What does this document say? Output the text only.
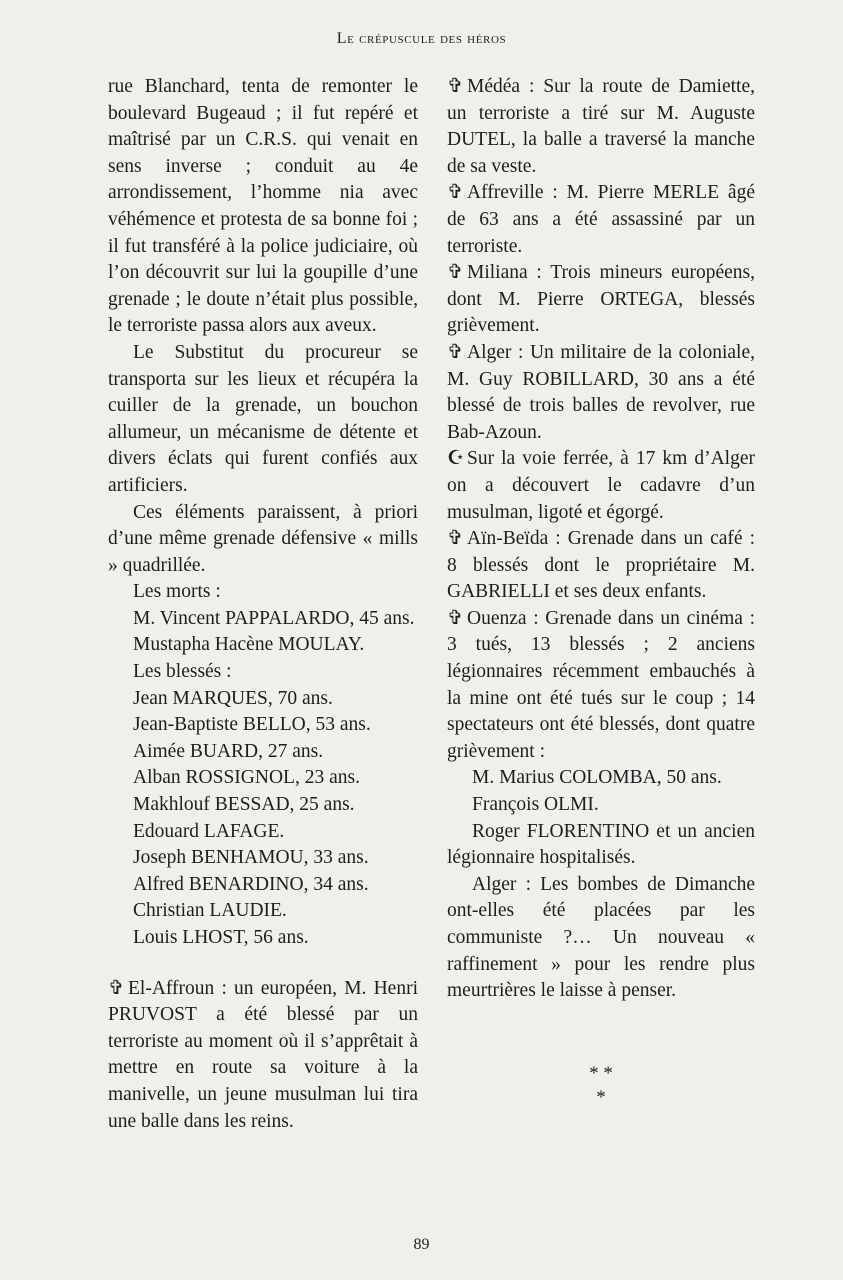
Le crépuscule des héros

rue Blanchard, tenta de remonter le boulevard Bugeaud ; il fut repéré et maîtrisé par un C.R.S. qui venait en sens inverse ; conduit au 4e arrondissement, l’homme nia avec véhémence et protesta de sa bonne foi ; il fut transféré à la police judiciaire, où l’on découvrit sur lui la goupille d’une grenade ; le doute n’était plus possible, le terroriste passa alors aux aveux.

Le Substitut du procureur se transporta sur les lieux et récupéra la cuiller de la grenade, un bouchon allumeur, un mécanisme de détente et divers éclats qui furent confiés aux artificiers.

Ces éléments paraissent, à priori d’une même grenade défensive « mills » quadrillée.

Les morts :

M. Vincent PAPPALARDO, 45 ans.

Mustapha Hacène MOULAY.

Les blessés :

Jean MARQUES, 70 ans.

Jean-Baptiste BELLO, 53 ans.

Aimée BUARD, 27 ans.

Alban ROSSIGNOL, 23 ans.

Makhlouf BESSAD, 25 ans.

Edouard LAFAGE.

Joseph BENHAMOU, 33 ans.

Alfred BENARDINO, 34 ans.

Christian LAUDIE.

Louis LHOST, 56 ans.

✞ El-Affroun : un européen, M. Henri PRUVOST a été blessé par un terroriste au moment où il s’apprêtait à mettre en route sa voiture à la manivelle, un jeune musulman lui tira une balle dans les reins.

✞ Médéa : Sur la route de Damiette, un terroriste a tiré sur M. Auguste DUTEL, la balle a traversé la manche de sa veste.

✞ Affreville : M. Pierre MERLE âgé de 63 ans a été assassiné par un terroriste.

✞ Miliana : Trois mineurs européens, dont M. Pierre ORTEGA, blessés grièvement.

✞ Alger : Un militaire de la coloniale, M. Guy ROBILLARD, 30 ans a été blessé de trois balles de revolver, rue Bab-Azoun.

☪ Sur la voie ferrée, à 17 km d’Alger on a découvert le cadavre d’un musulman, ligoté et égorgé.

✞ Aïn-Beïda : Grenade dans un café : 8 blessés dont le propriétaire M. GABRIELLI et ses deux enfants.

✞ Ouenza : Grenade dans un cinéma : 3 tués, 13 blessés ; 2 anciens légionnaires récemment embauchés à la mine ont été tués sur le coup ; 14 spectateurs ont été blessés, dont quatre grièvement :

M. Marius COLOMBA, 50 ans.

François OLMI.

Roger FLORENTINO et un ancien légionnaire hospitalisés.

Alger : Les bombes de Dimanche ont-elles été placées par les communiste ?… Un nouveau « raffinement » pour les rendre plus meurtrières le laisse à penser.

* *
*
89
